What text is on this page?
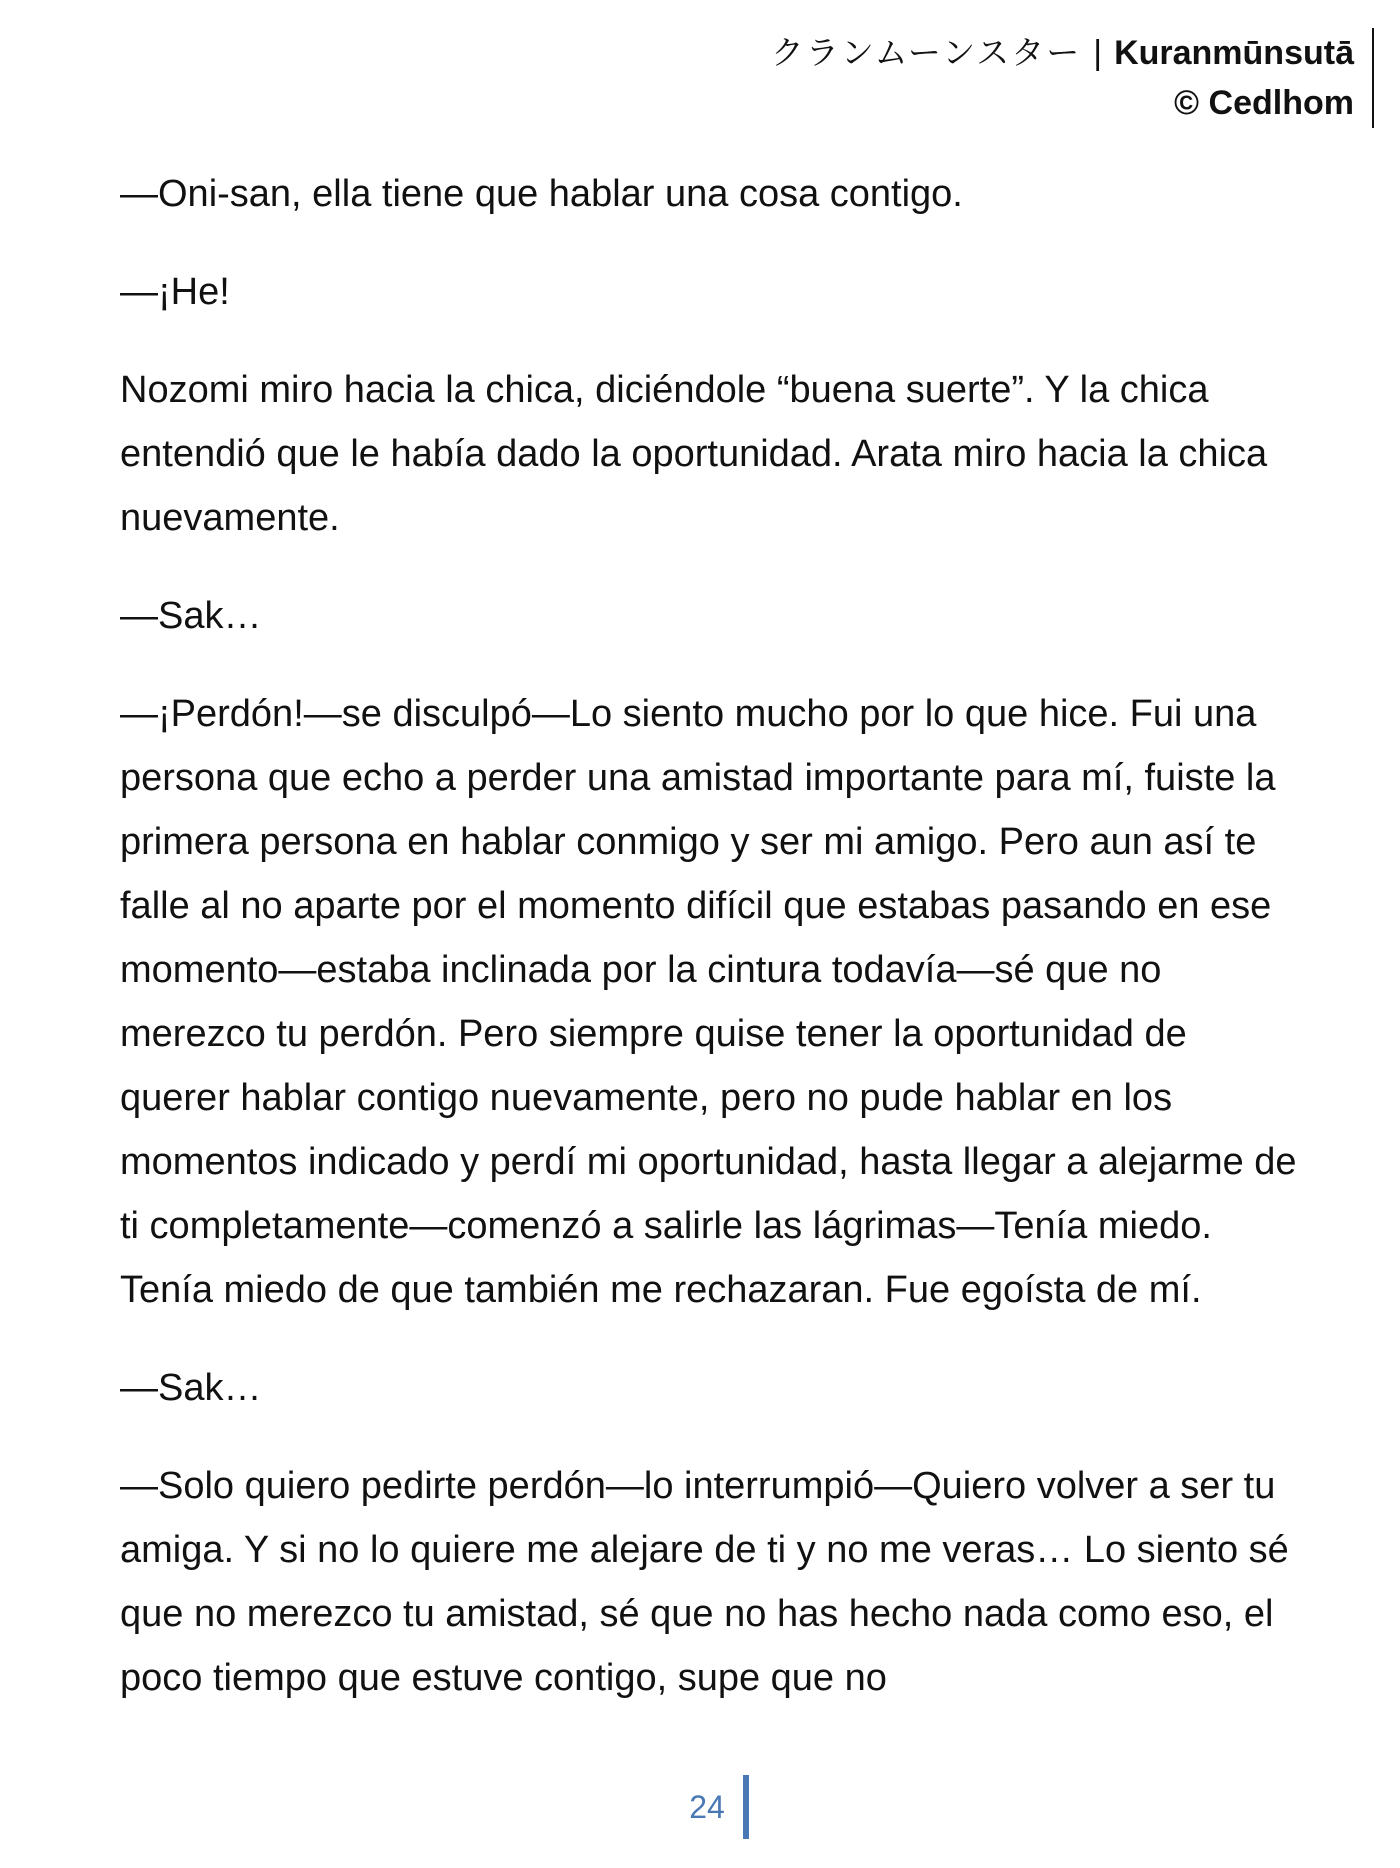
クランムーンスター | Kuranmūnsutā
© Cedlhom

—Oni-san, ella tiene que hablar una cosa contigo.

—¡He!

Nozomi miro hacia la chica, diciéndole “buena suerte”. Y la chica entendió que le había dado la oportunidad. Arata miro hacia la chica nuevamente.

—Sak…

—¡Perdón!—se disculpó—Lo siento mucho por lo que hice. Fui una persona que echo a perder una amistad importante para mí, fuiste la primera persona en hablar conmigo y ser mi amigo. Pero aun así te falle al no aparte por el momento difícil que estabas pasando en ese momento—estaba inclinada por la cintura todavía—sé que no merezco tu perdón. Pero siempre quise tener la oportunidad de querer hablar contigo nuevamente, pero no pude hablar en los momentos indicado y perdí mi oportunidad, hasta llegar a alejarme de ti completamente—comenzó a salirle las lágrimas—Tenía miedo. Tenía miedo de que también me rechazaran. Fue egoísta de mí.

—Sak…

—Solo quiero pedirte perdón—lo interrumpió—Quiero volver a ser tu amiga. Y si no lo quiere me alejare de ti y no me veras… Lo siento sé que no merezco tu amistad, sé que no has hecho nada como eso, el poco tiempo que estuve contigo, supe que no

24
